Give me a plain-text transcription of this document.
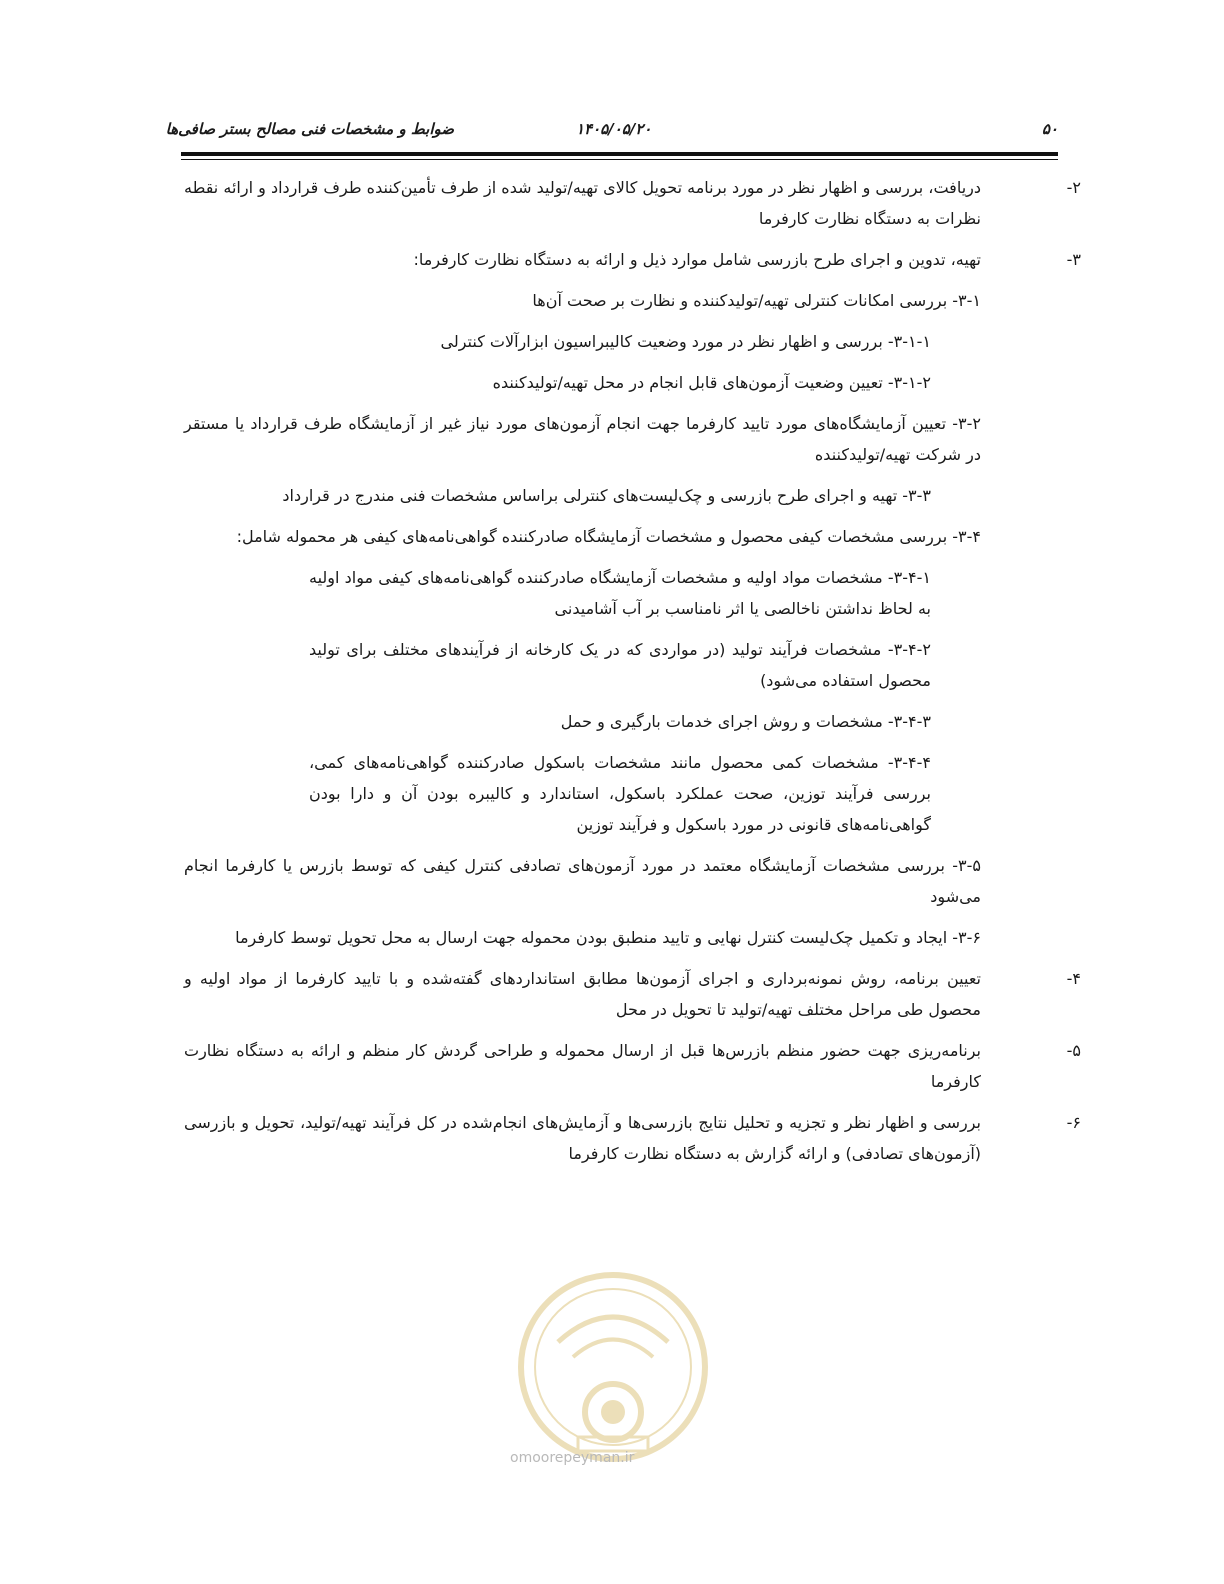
۵۰
۱۴۰۵/۰۵/۲۰
ضوابط و مشخصات فنی مصالح بستر صافی‌ها
۲-
دریافت، بررسی و اظهار نظر در مورد برنامه تحویل کالای تهیه/تولید شده از طرف تأمین‌کننده طرف قرارداد و ارائه نقطه نظرات به دستگاه نظارت کارفرما
۳-
تهیه، تدوین و اجرای طرح بازرسی شامل موارد ذیل و ارائه به دستگاه نظارت کارفرما:
۳-۱- بررسی امکانات کنترلی تهیه/تولیدکننده و نظارت بر صحت آن‌ها
۳-۱-۱- بررسی و اظهار نظر در مورد وضعیت کالیبراسیون ابزارآلات کنترلی
۳-۱-۲- تعیین وضعیت آزمون‌های قابل انجام در محل تهیه/تولیدکننده
۳-۲- تعیین آزمایشگاه‌های مورد تایید کارفرما جهت انجام آزمون‌های مورد نیاز غیر از آزمایشگاه طرف قرارداد یا مستقر در شرکت تهیه/تولیدکننده
۳-۳- تهیه و اجرای طرح بازرسی و چک‌لیست‌های کنترلی براساس مشخصات فنی مندرج در قرارداد
۳-۴- بررسی مشخصات کیفی محصول و مشخصات آزمایشگاه صادرکننده گواهی‌نامه‌های کیفی هر محموله شامل:
۳-۴-۱- مشخصات مواد اولیه و مشخصات آزمایشگاه صادرکننده گواهی‌نامه‌های کیفی مواد اولیه به لحاظ نداشتن ناخالصی یا اثر نامناسب بر آب آشامیدنی
۳-۴-۲- مشخصات فرآیند تولید (در مواردی که در یک کارخانه از فرآیندهای مختلف برای تولید محصول استفاده می‌شود)
۳-۴-۳- مشخصات و روش اجرای خدمات بارگیری و حمل
۳-۴-۴- مشخصات کمی محصول مانند مشخصات باسکول صادرکننده گواهی‌نامه‌های کمی، بررسی فرآیند توزین، صحت عملکرد باسکول، استاندارد و کالیبره بودن آن و دارا بودن گواهی‌نامه‌های قانونی در مورد باسکول و فرآیند توزین
۳-۵- بررسی مشخصات آزمایشگاه معتمد در مورد آزمون‌های تصادفی کنترل کیفی که توسط بازرس یا کارفرما انجام می‌شود
۳-۶- ایجاد و تکمیل چک‌لیست کنترل نهایی و تایید منطبق بودن محموله جهت ارسال به محل تحویل توسط کارفرما
۴-
تعیین برنامه، روش نمونه‌برداری و اجرای آزمون‌ها مطابق استانداردهای گفته‌شده و با تایید کارفرما از مواد اولیه و محصول طی مراحل مختلف تهیه/تولید تا تحویل در محل
۵-
برنامه‌ریزی جهت حضور منظم بازرس‌ها قبل از ارسال محموله و طراحی گردش کار منظم و ارائه به دستگاه نظارت کارفرما
۶-
بررسی و اظهار نظر و تجزیه و تحلیل نتایج بازرسی‌ها و آزمایش‌های انجام‌شده در کل فرآیند تهیه/تولید، تحویل و بازرسی (آزمون‌های تصادفی) و ارائه گزارش به دستگاه نظارت کارفرما
omoorepeyman.ir
